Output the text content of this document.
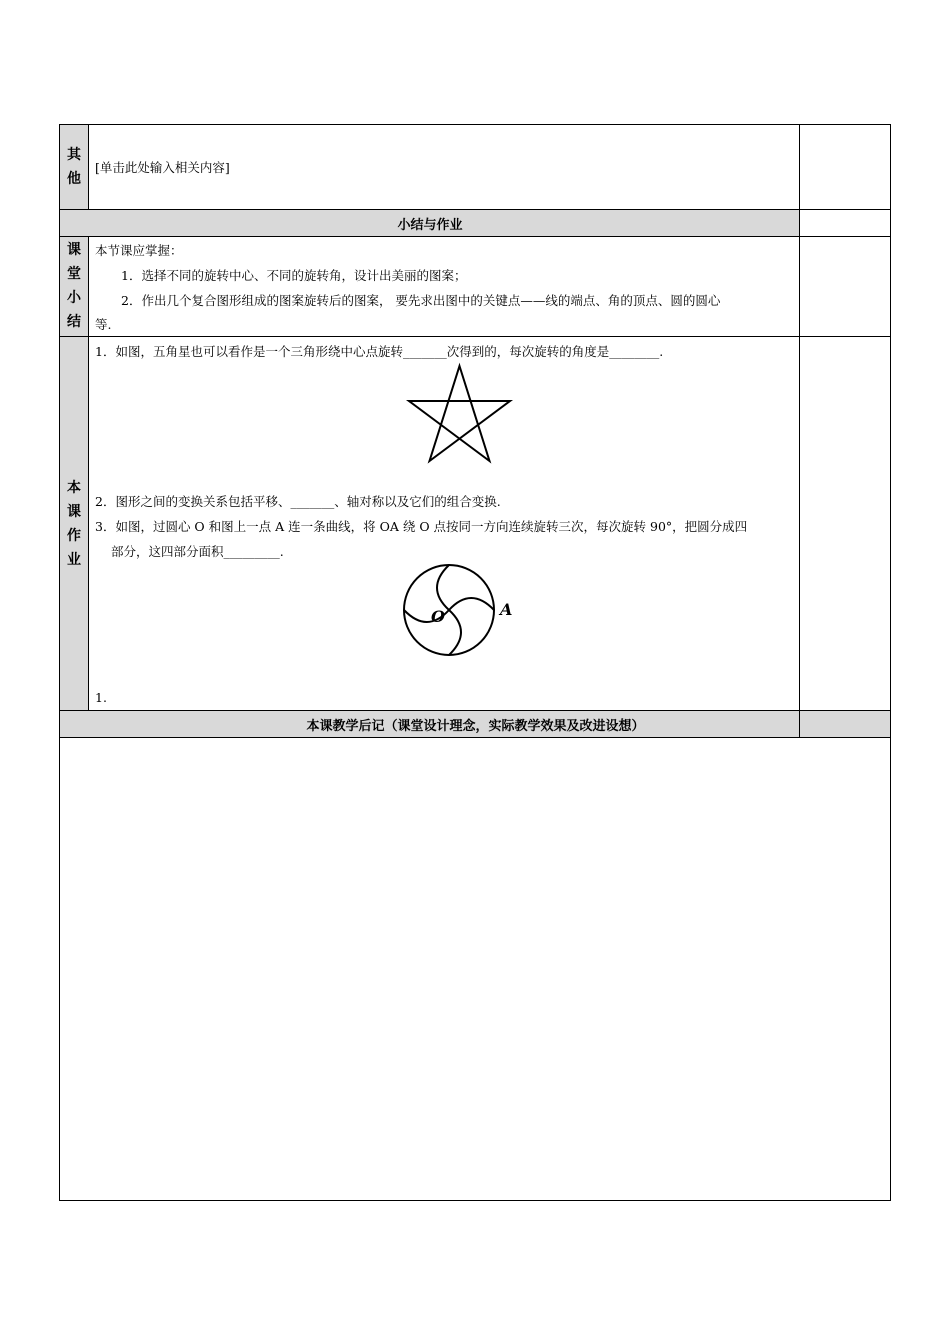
其
他
[单击此处输入相关内容]
小结与作业
课
堂
小
结
本节课应掌握：
1．选择不同的旋转中心、不同的旋转角，设计出美丽的图案；
2．作出几个复合图形组成的图案旋转后的图案， 要先求出图中的关键点——线的端点、角的顶点、圆的圆心
等.
本
课
作
业
1．如图，五角星也可以看作是一个三角形绕中心点旋转_______次得到的，每次旋转的角度是________.
2．图形之间的变换关系包括平移、_______、轴对称以及它们的组合变换.
3．如图，过圆心 O 和图上一点 A 连一条曲线，将 OA 绕 O 点按同一方向连续旋转三次，每次旋转 90°，把圆分成四
部分，这四部分面积_________.
O	A
1.
本课教学后记（课堂设计理念，实际教学效果及改进设想）
